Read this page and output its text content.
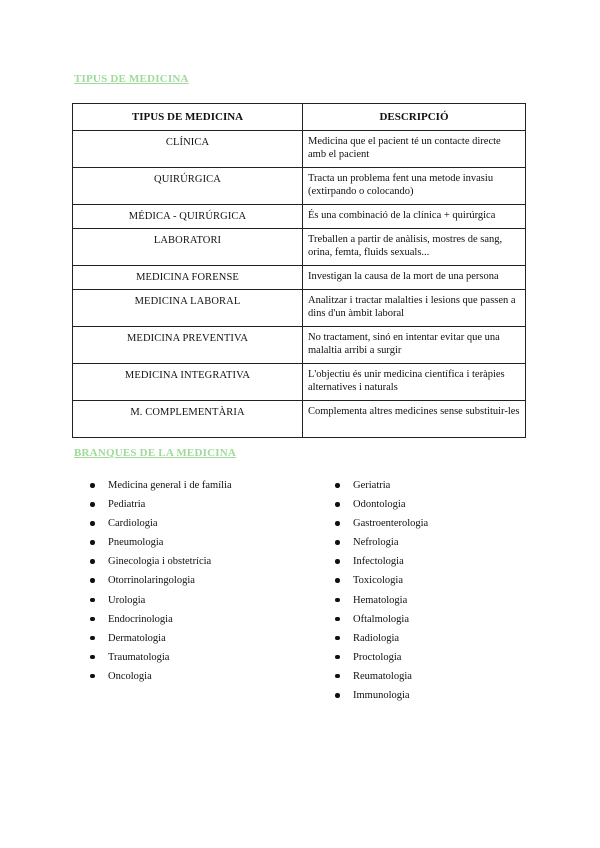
TIPUS DE MEDICINA
TIPUS DE MEDICINA	DESCRIPCIÓ
CLÍNICA	Medicina que el pacient té un contacte directe amb el pacient
QUIRÚRGICA	Tracta un problema fent una metode invasiu (extirpando o colocando)
MÉDICA - QUIRÚRGICA	És una combinació de la clínica + quirúrgica
LABORATORI	Treballen a partir de anàlisis, mostres de sang, orina, femta, fluids sexuals...
MEDICINA FORENSE	Investigan la causa de la mort de una persona
MEDICINA LABORAL	Analitzar i tractar malalties i lesions que passen a dins d'un àmbit laboral
MEDICINA PREVENTIVA	No tractament, sinó en intentar evitar que una malaltia arribi a surgir
MEDICINA INTEGRATIVA	L'objectiu és unir medicina científica i teràpies alternatives i naturals
M. COMPLEMENTÀRIA	Complementa altres medicines sense substituir-les
BRANQUES DE LA MEDICINA
Medicina general i de família
Pediatria
Cardiologia
Pneumologia
Ginecologia i obstetrícia
Otorrinolaringologia
Urologia
Endocrinologia
Dermatologia
Traumatologia
Oncologia
Geriatria
Odontologia
Gastroenterologia
Nefrologia
Infectologia
Toxicologia
Hematologia
Oftalmologia
Radiologia
Proctologia
Reumatologia
Immunologia
